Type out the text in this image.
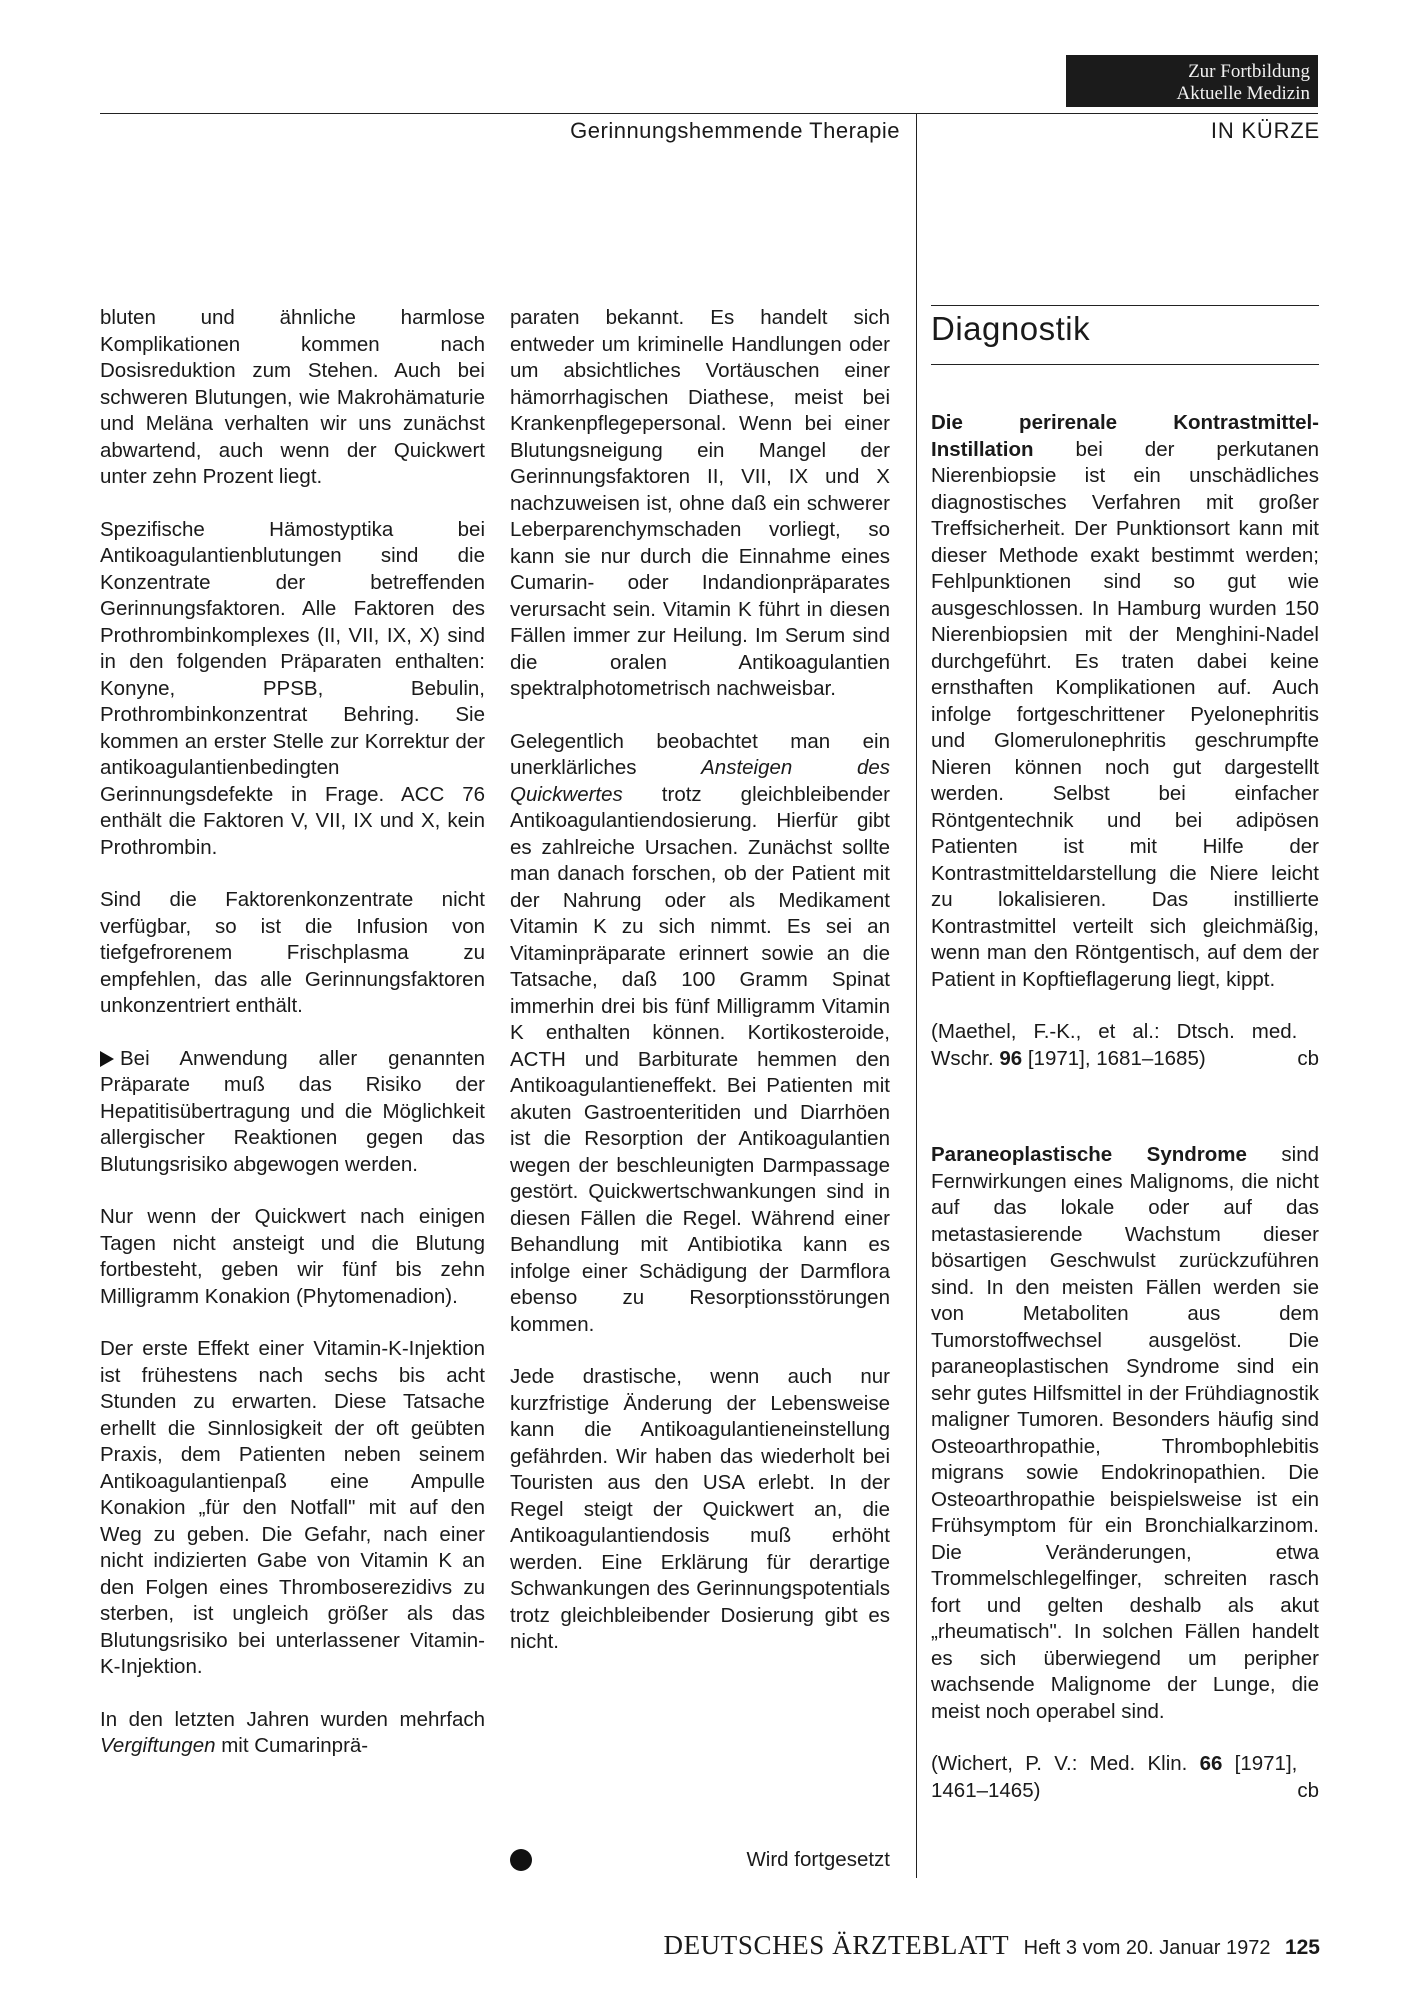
Zur Fortbildung
Aktuelle Medizin
Gerinnungshemmende Therapie	IN KÜRZE

bluten und ähnliche harmlose Komplikationen kommen nach Dosisreduktion zum Stehen. Auch bei schweren Blutungen, wie Makrohämaturie und Meläna verhalten wir uns zunächst abwartend, auch wenn der Quickwert unter zehn Prozent liegt.

Spezifische Hämostyptika bei Antikoagulantienblutungen sind die Konzentrate der betreffenden Gerinnungsfaktoren. Alle Faktoren des Prothrombinkomplexes (II, VII, IX, X) sind in den folgenden Präparaten enthalten: Konyne, PPSB, Bebulin, Prothrombinkonzentrat Behring. Sie kommen an erster Stelle zur Korrektur der antikoagulantienbedingten Gerinnungsdefekte in Frage. ACC 76 enthält die Faktoren V, VII, IX und X, kein Prothrombin.

Sind die Faktorenkonzentrate nicht verfügbar, so ist die Infusion von tiefgefrorenem Frischplasma zu empfehlen, das alle Gerinnungsfaktoren unkonzentriert enthält.

Bei Anwendung aller genannten Präparate muß das Risiko der Hepatitisübertragung und die Möglichkeit allergischer Reaktionen gegen das Blutungsrisiko abgewogen werden.

Nur wenn der Quickwert nach einigen Tagen nicht ansteigt und die Blutung fortbesteht, geben wir fünf bis zehn Milligramm Konakion (Phytomenadion).

Der erste Effekt einer Vitamin-K-Injektion ist frühestens nach sechs bis acht Stunden zu erwarten. Diese Tatsache erhellt die Sinnlosigkeit der oft geübten Praxis, dem Patienten neben seinem Antikoagulantienpaß eine Ampulle Konakion „für den Notfall" mit auf den Weg zu geben. Die Gefahr, nach einer nicht indizierten Gabe von Vitamin K an den Folgen eines Thromboserezidivs zu sterben, ist ungleich größer als das Blutungsrisiko bei unterlassener Vitamin-K-Injektion.

In den letzten Jahren wurden mehrfach Vergiftungen mit Cumarinprä-

paraten bekannt. Es handelt sich entweder um kriminelle Handlungen oder um absichtliches Vortäuschen einer hämorrhagischen Diathese, meist bei Krankenpflegepersonal. Wenn bei einer Blutungsneigung ein Mangel der Gerinnungsfaktoren II, VII, IX und X nachzuweisen ist, ohne daß ein schwerer Leberparenchymschaden vorliegt, so kann sie nur durch die Einnahme eines Cumarin- oder Indandionpräparates verursacht sein. Vitamin K führt in diesen Fällen immer zur Heilung. Im Serum sind die oralen Antikoagulantien spektralphotometrisch nachweisbar.

Gelegentlich beobachtet man ein unerklärliches Ansteigen des Quickwertes trotz gleichbleibender Antikoagulantiendosierung. Hierfür gibt es zahlreiche Ursachen. Zunächst sollte man danach forschen, ob der Patient mit der Nahrung oder als Medikament Vitamin K zu sich nimmt. Es sei an Vitaminpräparate erinnert sowie an die Tatsache, daß 100 Gramm Spinat immerhin drei bis fünf Milligramm Vitamin K enthalten können. Kortikosteroide, ACTH und Barbiturate hemmen den Antikoagulantieneffekt. Bei Patienten mit akuten Gastroenteritiden und Diarrhöen ist die Resorption der Antikoagulantien wegen der beschleunigten Darmpassage gestört. Quickwertschwankungen sind in diesen Fällen die Regel. Während einer Behandlung mit Antibiotika kann es infolge einer Schädigung der Darmflora ebenso zu Resorptionsstörungen kommen.

Jede drastische, wenn auch nur kurzfristige Änderung der Lebensweise kann die Antikoagulantieneinstellung gefährden. Wir haben das wiederholt bei Touristen aus den USA erlebt. In der Regel steigt der Quickwert an, die Antikoagulantiendosis muß erhöht werden. Eine Erklärung für derartige Schwankungen des Gerinnungspotentials trotz gleichbleibender Dosierung gibt es nicht.

Wird fortgesetzt
Diagnostik

Die perirenale Kontrastmittel-Instillation bei der perkutanen Nierenbiopsie ist ein unschädliches diagnostisches Verfahren mit großer Treffsicherheit. Der Punktionsort kann mit dieser Methode exakt bestimmt werden; Fehlpunktionen sind so gut wie ausgeschlossen. In Hamburg wurden 150 Nierenbiopsien mit der Menghini-Nadel durchgeführt. Es traten dabei keine ernsthaften Komplikationen auf. Auch infolge fortgeschrittener Pyelonephritis und Glomerulonephritis geschrumpfte Nieren können noch gut dargestellt werden. Selbst bei einfacher Röntgentechnik und bei adipösen Patienten ist mit Hilfe der Kontrastmitteldarstellung die Niere leicht zu lokalisieren. Das instillierte Kontrastmittel verteilt sich gleichmäßig, wenn man den Röntgentisch, auf dem der Patient in Kopftieflagerung liegt, kippt.

(Maethel, F.-K., et al.: Dtsch. med. Wschr. 96 [1971], 1681–1685)	cb

Paraneoplastische Syndrome sind Fernwirkungen eines Malignoms, die nicht auf das lokale oder auf das metastasierende Wachstum dieser bösartigen Geschwulst zurückzuführen sind. In den meisten Fällen werden sie von Metaboliten aus dem Tumorstoffwechsel ausgelöst. Die paraneoplastischen Syndrome sind ein sehr gutes Hilfsmittel in der Frühdiagnostik maligner Tumoren. Besonders häufig sind Osteoarthropathie, Thrombophlebitis migrans sowie Endokrinopathien. Die Osteoarthropathie beispielsweise ist ein Frühsymptom für ein Bronchialkarzinom. Die Veränderungen, etwa Trommelschlegelfinger, schreiten rasch fort und gelten deshalb als akut „rheumatisch". In solchen Fällen handelt es sich überwiegend um peripher wachsende Malignome der Lunge, die meist noch operabel sind.

(Wichert, P. V.: Med. Klin. 66 [1971], 1461–1465)	cb

DEUTSCHES ÄRZTEBLATT Heft 3 vom 20. Januar 1972 125
